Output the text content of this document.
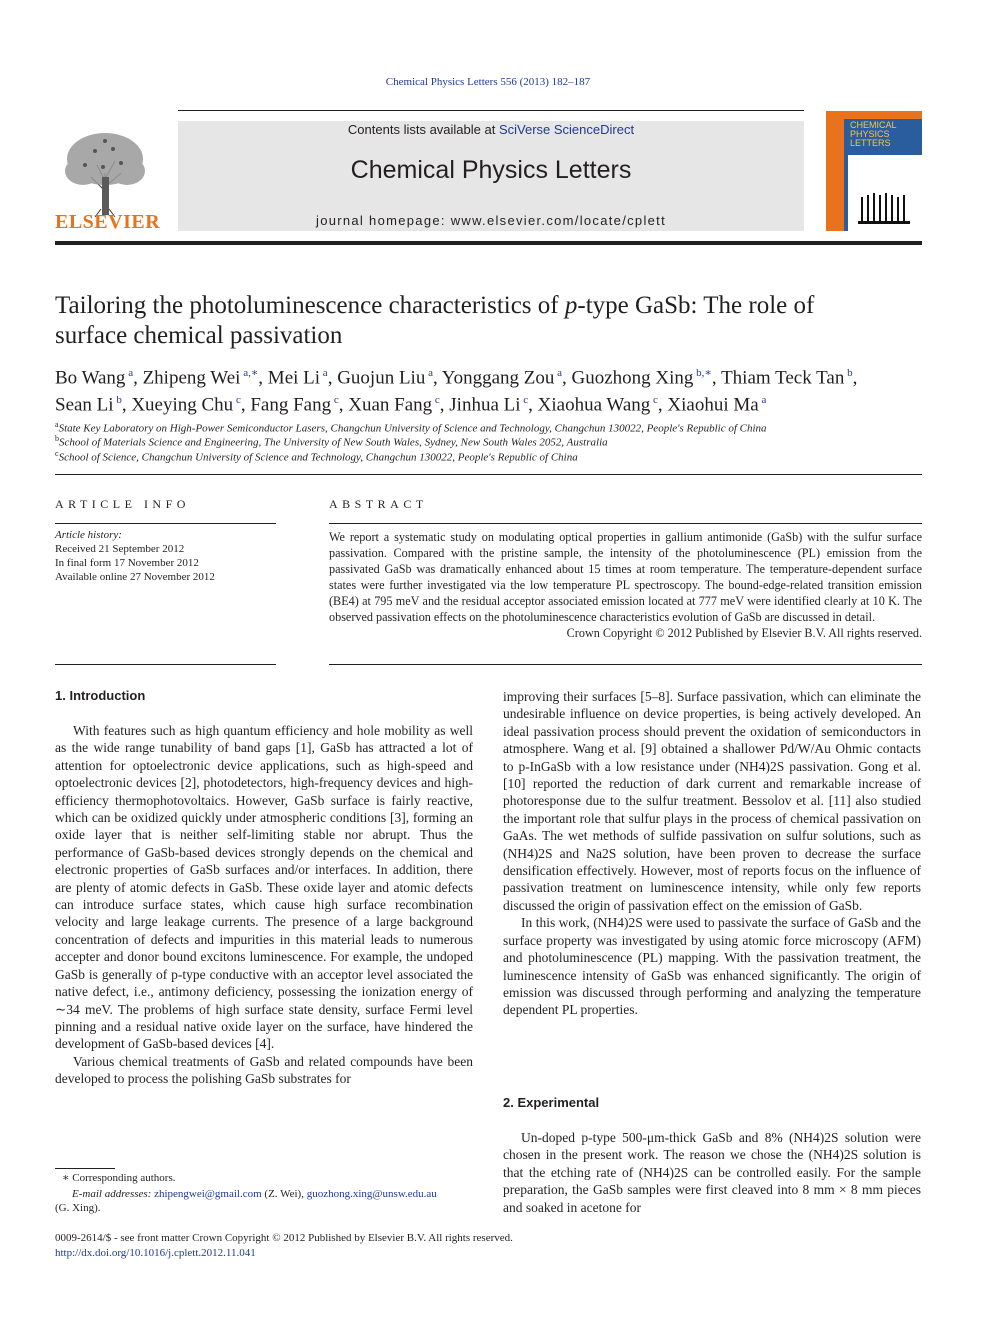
Chemical Physics Letters 556 (2013) 182–187
ELSEVIER
Contents lists available at SciVerse ScienceDirect
Chemical Physics Letters
journal homepage: www.elsevier.com/locate/cplett
CHEMICAL
PHYSICS
LETTERS
Tailoring the photoluminescence characteristics of p-type GaSb: The role of
surface chemical passivation
Bo Wang $^a$, Zhipeng Wei $^{a,∗}$, Mei Li $^a$, Guojun Liu $^a$, Yonggang Zou $^a$, Guozhong Xing $^{b,∗}$, Thiam Teck Tan $^b$,
Sean Li $^b$, Xueying Chu $^c$, Fang Fang $^c$, Xuan Fang $^c$, Jinhua Li $^c$, Xiaohua Wang $^c$, Xiaohui Ma $^a$
$^a$State Key Laboratory on High-Power Semiconductor Lasers, Changchun University of Science and Technology, Changchun 130022, People's Republic of China
$^b$School of Materials Science and Engineering, The University of New South Wales, Sydney, New South Wales 2052, Australia
$^c$School of Science, Changchun University of Science and Technology, Changchun 130022, People's Republic of China
ARTICLE INFO
Article history:
Received 21 September 2012
In final form 17 November 2012
Available online 27 November 2012
ABSTRACT
We report a systematic study on modulating optical properties in gallium antimonide (GaSb) with the sulfur surface passivation. Compared with the pristine sample, the intensity of the photoluminescence (PL) emission from the passivated GaSb was dramatically enhanced about 15 times at room temperature. The temperature-dependent surface states were further investigated via the low temperature PL spectroscopy. The bound-edge-related transition emission (BE4) at 795 meV and the residual acceptor associated emission located at 777 meV were identified clearly at 10 K. The observed passivation effects on the photoluminescence characteristics evolution of GaSb are discussed in detail.
Crown Copyright © 2012 Published by Elsevier B.V. All rights reserved.
1. Introduction

With features such as high quantum efficiency and hole mobility as well as the wide range tunability of band gaps [1], GaSb has attracted a lot of attention for optoelectronic device applications, such as high-speed and optoelectronic devices [2], photodetectors, high-frequency devices and high-efficiency thermophotovoltaics. However, GaSb surface is fairly reactive, which can be oxidized quickly under atmospheric conditions [3], forming an oxide layer that is neither self-limiting stable nor abrupt. Thus the performance of GaSb-based devices strongly depends on the chemical and electronic properties of GaSb surfaces and/or interfaces. In addition, there are plenty of atomic defects in GaSb. These oxide layer and atomic defects can introduce surface states, which cause high surface recombination velocity and large leakage currents. The presence of a large background concentration of defects and impurities in this material leads to numerous accepter and donor bound excitons luminescence. For example, the undoped GaSb is generally of p-type conductive with an acceptor level associated the native defect, i.e., antimony deficiency, possessing the ionization energy of ∼34 meV. The problems of high surface state density, surface Fermi level pinning and a residual native oxide layer on the surface, have hindered the development of GaSb-based devices [4].

Various chemical treatments of GaSb and related compounds have been developed to process the polishing GaSb substrates for

improving their surfaces [5–8]. Surface passivation, which can eliminate the undesirable influence on device properties, is being actively developed. An ideal passivation process should prevent the oxidation of semiconductors in atmosphere. Wang et al. [9] obtained a shallower Pd/W/Au Ohmic contacts to p-InGaSb with a low resistance under (NH4)2S passivation. Gong et al. [10] reported the reduction of dark current and remarkable increase of photoresponse due to the sulfur treatment. Bessolov et al. [11] also studied the important role that sulfur plays in the process of chemical passivation on GaAs. The wet methods of sulfide passivation on sulfur solutions, such as (NH4)2S and Na2S solution, have been proven to decrease the surface densification effectively. However, most of reports focus on the influence of passivation treatment on luminescence intensity, while only few reports discussed the origin of passivation effect on the emission of GaSb.

In this work, (NH4)2S were used to passivate the surface of GaSb and the surface property was investigated by using atomic force microscopy (AFM) and photoluminescence (PL) mapping. With the passivation treatment, the luminescence intensity of GaSb was enhanced significantly. The origin of emission was discussed through performing and analyzing the temperature dependent PL properties.

2. Experimental

Un-doped p-type 500-μm-thick GaSb and 8% (NH4)2S solution were chosen in the present work. The reason we chose the (NH4)2S solution is that the etching rate of (NH4)2S can be controlled easily. For the sample preparation, the GaSb samples were first cleaved into 8 mm × 8 mm pieces and soaked in acetone for

∗ Corresponding authors.
E-mail addresses: zhipengwei@gmail.com (Z. Wei), guozhong.xing@unsw.edu.au
(G. Xing).
0009-2614/$ - see front matter Crown Copyright © 2012 Published by Elsevier B.V. All rights reserved.
http://dx.doi.org/10.1016/j.cplett.2012.11.041
